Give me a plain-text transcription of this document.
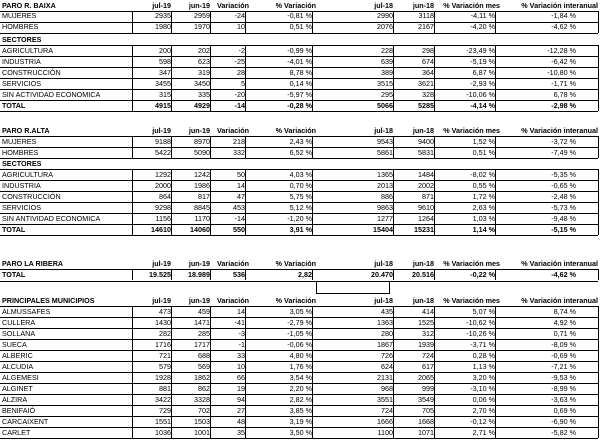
PARO R. BAIXA	jul-19	jun-19 Variación	% Variación	jul-18	jun-18	% Variación mes	% Variación interanual
MUJERES	2935	2959	-24	-0,81 %	2990	3118	-4,11 %	-1,84 %
HOMBRES	1980	1970	10	0,51 %	2076	2167	-4,20 %	-4,62 %
SECTORES
AGRICULTURA	200	202	-2	-0,99 %	228	298	-23,49 %	-12,28 %
INDUSTRIA	598	623	-25	-4,01 %	639	674	-5,19 %	-6,42 %
CONSTRUCCIÓN	347	319	28	8,78 %	389	364	6,87 %	-10,80 %
SERVICIOS	3455	3450	5	0,14 %	3515	3621	-2,93 %	-1,71 %
SIN ACTIVIDAD ECONOMICA	315	335	-20	-5,97 %	295	328	-10,06 %	6,78 %
TOTAL	4915	4929	-14	-0,28 %	5066	5285	-4,14 %	-2,98 %
PARO R.ALTA	jul-19	jun-19 Variación	% Variación	jul-18	jun-18	% Variación mes	% Variación interanual
MUJERES	9188	8970	218	2,43 %	9543	9400	1,52 %	-3,72 %
HOMBRES	5422	5090	332	6,52 %	5861	5831	0,51 %	-7,49 %
SECTORES
AGRICULTURA	1292	1242	50	4,03 %	1365	1484	-8,02 %	-5,35 %
INDUSTRIA	2000	1986	14	0,70 %	2013	2002	0,55 %	-0,65 %
CONSTRUCCIÓN	864	817	47	5,75 %	886	871	1,72 %	-2,48 %
SERVICIOS	9298	8845	453	5,12 %	9863	9610	2,63 %	-5,73 %
SIN ANTIVIDAD ECONOMICA	1156	1170	-14	-1,20 %	1277	1264	1,03 %	-9,48 %
TOTAL	14610	14060	550	3,91 %	15404	15231	1,14 %	-5,15 %
PARO LA RIBERA	jul-19	jun-19 Variación	% Variación	jul-18	jun-18	% Variación mes	% Variación interanual
TOTAL	19.525	18.989	536	2,82	20.470	20.516	-0,22 %	-4,62 %
PRINCIPALES MUNICIPIOS	jul-19	jun-19 Variación	% Variación	jul-18	jun-18	% Variación mes	% Variación interanual
ALMUSSAFES	473	459	14	3,05 %	435	414	5,07 %	8,74 %
CULLERA	1430	1471	-41	-2,79 %	1363	1525	-10,62 %	4,92 %
SOLLANA	282	285	-3	-1,05 %	280	312	-10,26 %	0,71 %
SUECA	1716	1717	-1	-0,06 %	1867	1939	-3,71 %	-8,09 %
ALBERIC	721	688	33	4,80 %	726	724	0,28 %	-0,69 %
ALCUDIA	579	569	10	1,76 %	624	617	1,13 %	-7,21 %
ALGEMESI	1928	1862	66	3,54 %	2131	2065	3,20 %	-9,53 %
ALGINET	881	862	19	2,20 %	968	999	-3,10 %	-8,99 %
ALZIRA	3422	3328	94	2,82 %	3551	3549	0,06 %	-3,63 %
BENIFAIÓ	729	702	27	3,85 %	724	705	2,70 %	0,69 %
CARCAIXENT	1551	1503	48	3,19 %	1666	1668	-0,12 %	-6,90 %
CARLET	1036	1001	35	3,50 %	1100	1071	2,71 %	-5,82 %
